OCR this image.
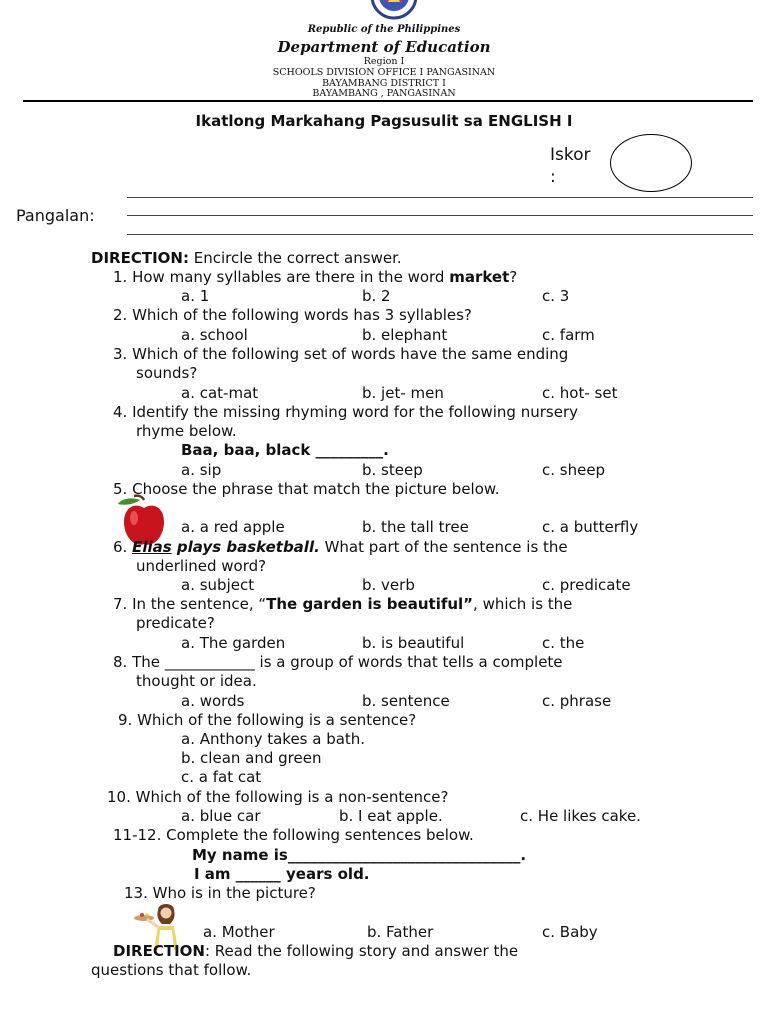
Republic of the Philippines
Department of Education
Region I
SCHOOLS DIVISION OFFICE I PANGASINAN
BAYAMBANG DISTRICT I
BAYAMBANG , PANGASINAN
Ikatlong Markahang Pagsusulit sa ENGLISH I
Iskor
:
Pangalan:
DIRECTION: Encircle the correct answer.
1. How many syllables are there in the word market?
a. 1	b. 2	c. 3
2. Which of the following words has 3 syllables?
a. school	b. elephant	c. farm
3. Which of the following set of words have the same ending
sounds?
a. cat-mat	b. jet- men	c. hot- set
4. Identify the missing rhyming word for the following nursery
rhyme below.
Baa, baa, black _________.
a. sip	b. steep	c. sheep
5. Choose the phrase that match the picture below.
a. a red apple	b. the tall tree	c. a butterfly
6. Elias plays basketball. What part of the sentence is the
underlined word?
a. subject	b. verb	c. predicate
7. In the sentence, “The garden is beautiful”, which is the
predicate?
a. The garden	b. is beautiful	c. the
8. The ____________ is a group of words that tells a complete
thought or idea.
a. words	b. sentence	c. phrase
9. Which of the following is a sentence?
a. Anthony takes a bath.
b. clean and green
c. a fat cat
10. Which of the following is a non-sentence?
a. blue car	b. I eat apple.	c. He likes cake.
11-12. Complete the following sentences below.
My name is_______________________________.
I am ______ years old.
13. Who is in the picture?
a. Mother	b. Father	c. Baby
DIRECTION: Read the following story and answer the
questions that follow.
